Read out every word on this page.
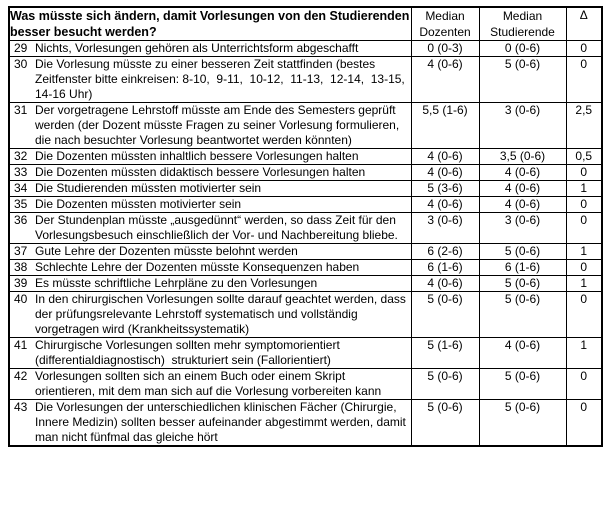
Was müsste sich ändern, damit Vorlesungen von den Studierenden besser besucht werden?	Median Dozenten	Median Studierende	Δ

29 Nichts, Vorlesungen gehören als Unterrichtsform abgeschafft	0 (0-3)	0 (0-6)	0

30 Die Vorlesung müsste zu einer besseren Zeit stattfinden (bestes Zeitfenster bitte einkreisen: 8-10,  9-11,  10-12,  11-13,  12-14,  13-15,  14-16 Uhr)	4 (0-6)	5 (0-6)	0

31 Der vorgetragene Lehrstoff müsste am Ende des Semesters geprüft werden (der Dozent müsste Fragen zu seiner Vorlesung formulieren, die nach besuchter Vorlesung beantwortet werden könnten)	5,5 (1-6)	3 (0-6)	2,5

32 Die Dozenten müssten inhaltlich bessere Vorlesungen halten	4 (0-6)	3,5 (0-6)	0,5

33 Die Dozenten müssten didaktisch bessere Vorlesungen halten	4 (0-6)	4 (0-6)	0

34 Die Studierenden müssten motivierter sein	5 (3-6)	4 (0-6)	1

35 Die Dozenten müssten motivierter sein	4 (0-6)	4 (0-6)	0

36 Der Stundenplan müsste „ausgedünnt“ werden, so dass Zeit für den Vorlesungsbesuch einschließlich der Vor- und Nachbereitung bliebe.	3 (0-6)	3 (0-6)	0

37 Gute Lehre der Dozenten müsste belohnt werden	6 (2-6)	5 (0-6)	1

38 Schlechte Lehre der Dozenten müsste Konsequenzen haben	6 (1-6)	6 (1-6)	0

39 Es müsste schriftliche Lehrpläne zu den Vorlesungen	4 (0-6)	5 (0-6)	1

40 In den chirurgischen Vorlesungen sollte darauf geachtet werden, dass der prüfungsrelevante Lehrstoff systematisch und vollständig vorgetragen wird (Krankheitssystematik)	5 (0-6)	5 (0-6)	0

41 Chirurgische Vorlesungen sollten mehr symptomorientiert (differentialdiagnostisch)  strukturiert sein (Fallorientiert)	5 (1-6)	4 (0-6)	1

42 Vorlesungen sollten sich an einem Buch oder einem Skript orientieren, mit dem man sich auf die Vorlesung vorbereiten kann	5 (0-6)	5 (0-6)	0

43 Die Vorlesungen der unterschiedlichen klinischen Fächer (Chirurgie, Innere Medizin) sollten besser aufeinander abgestimmt werden, damit man nicht fünfmal das gleiche hört	5 (0-6)	5 (0-6)	0
